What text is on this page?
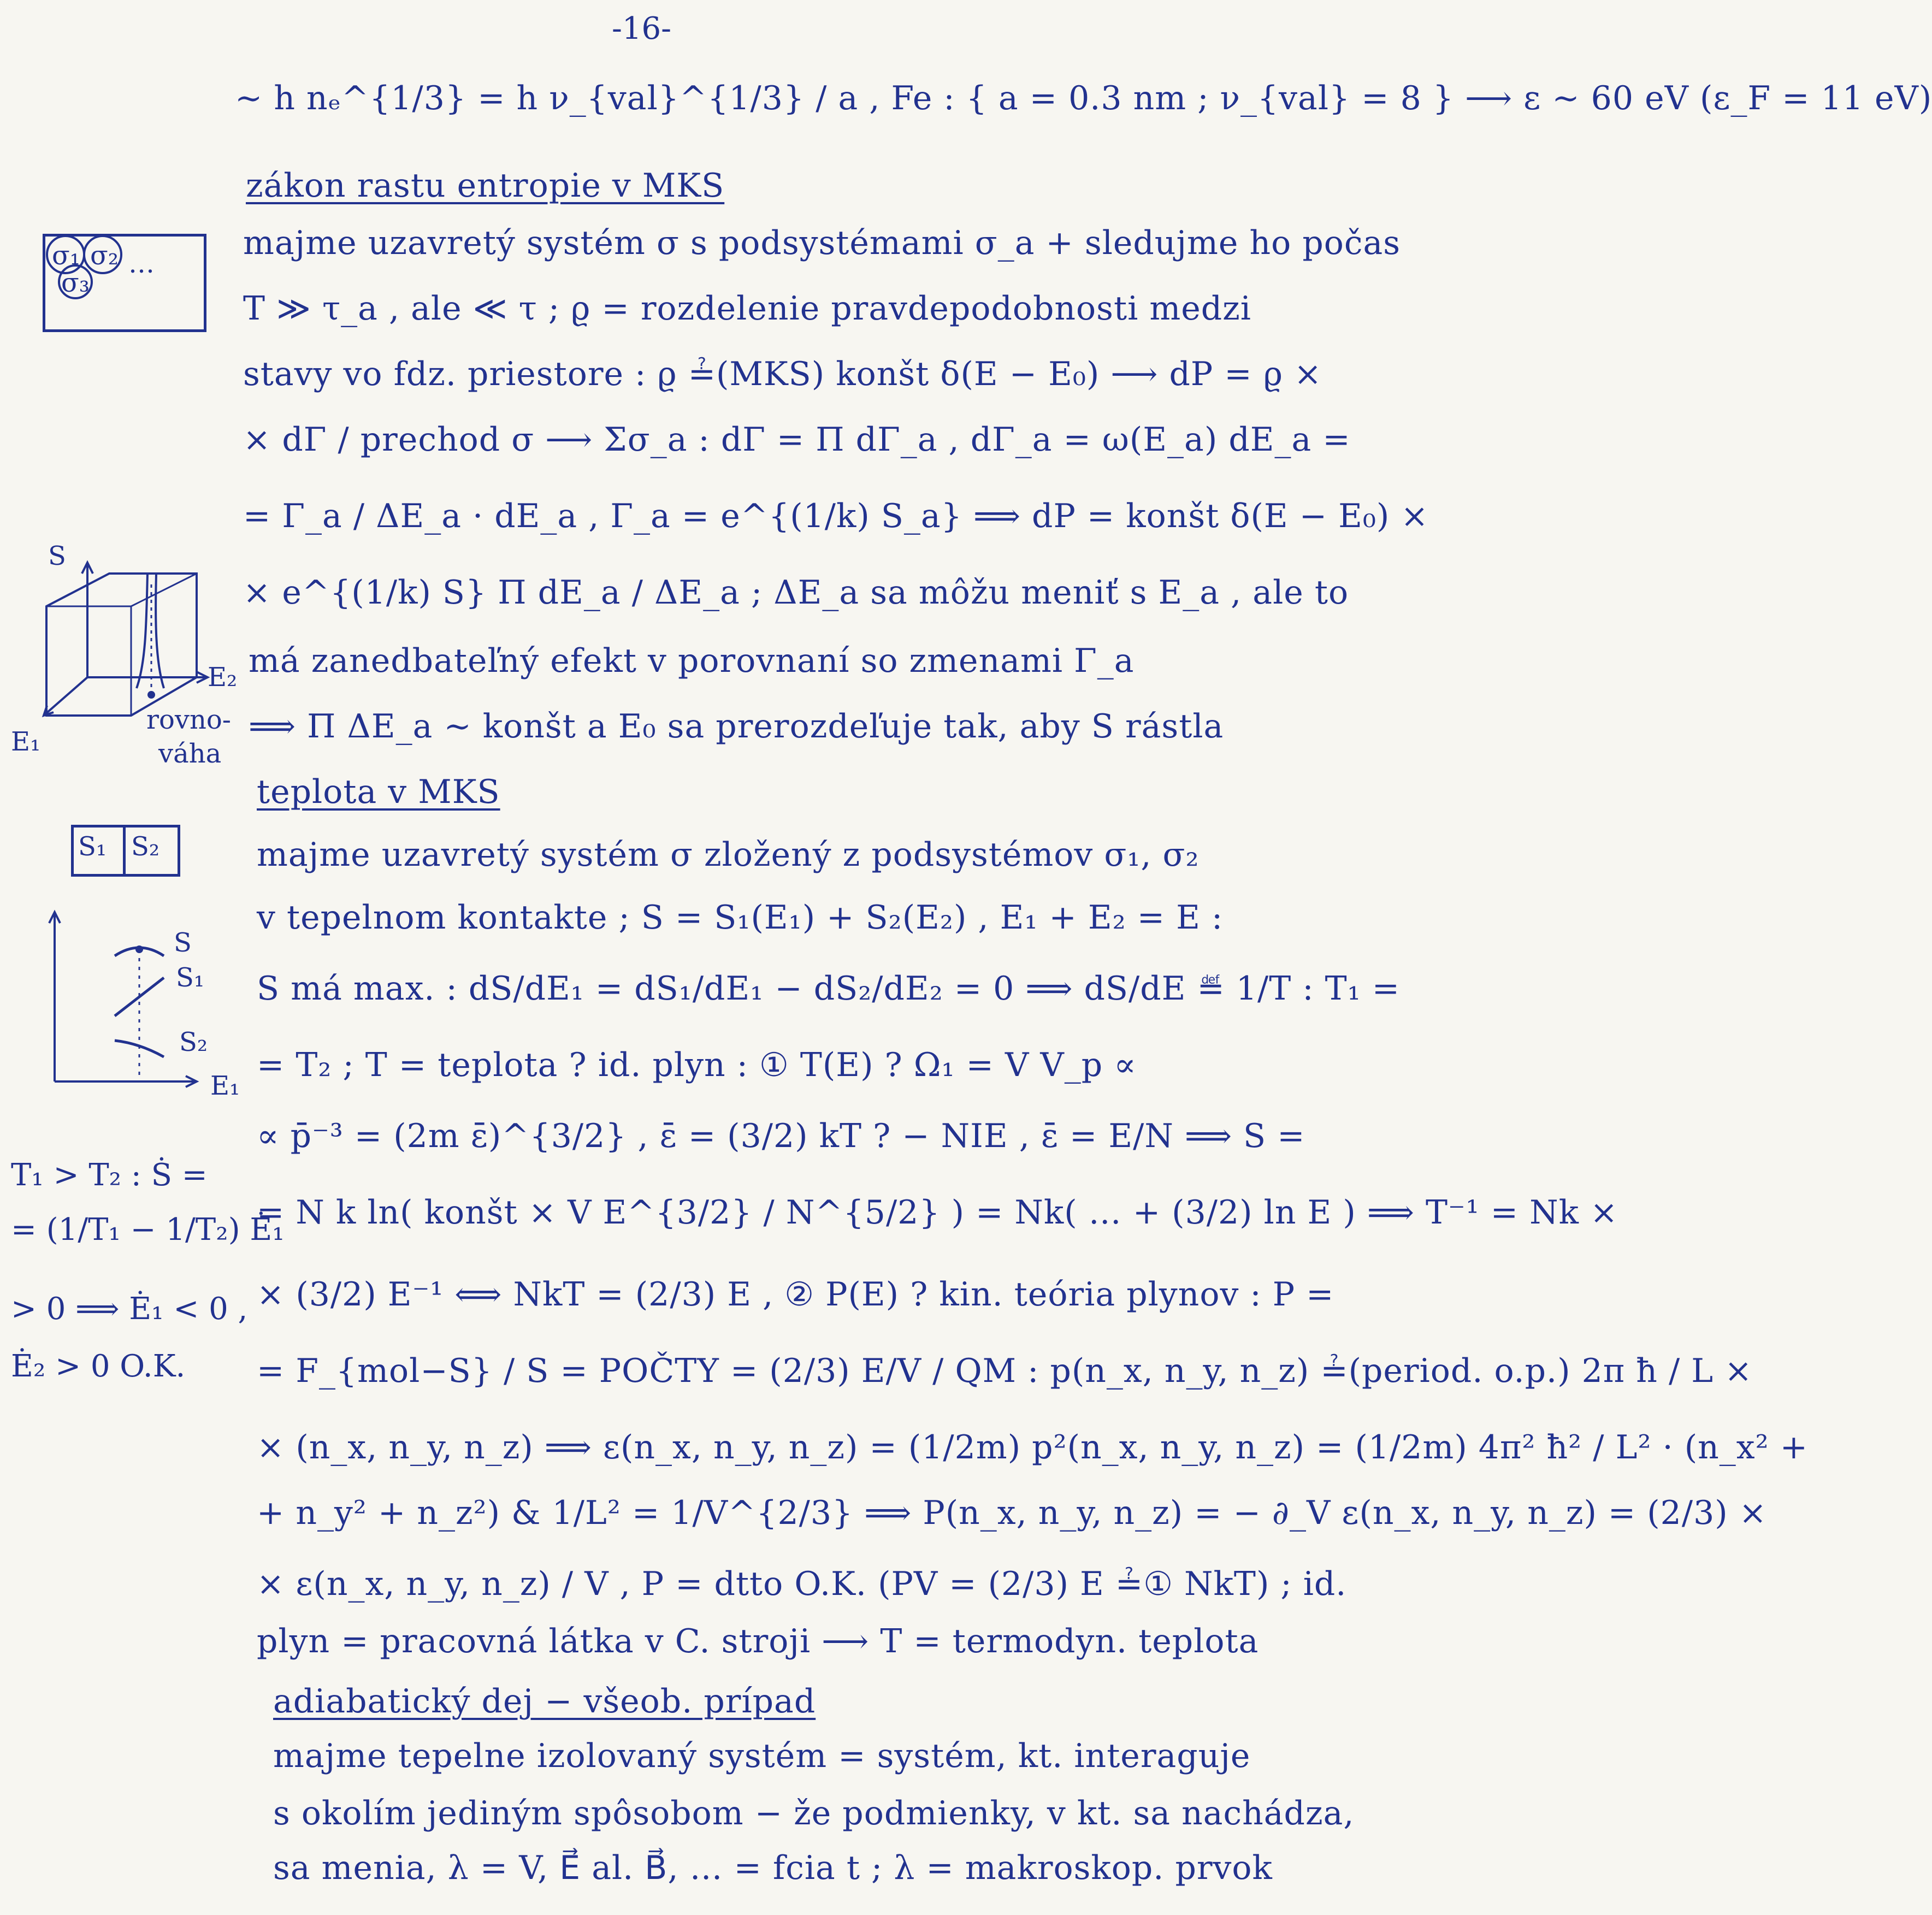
-16-
∼ h nₑ^{1/3} = h ν_{val}^{1/3} / a , Fe : { a = 0.3 nm ; ν_{val} = 8 } ⟶ ε ∼ 60 eV (ε_F = 11 eV)
zákon rastu entropie v MKS
majme uzavretý systém σ s podsystémami σ_a + sledujme ho počas
T ≫ τ_a , ale ≪ τ ; ϱ = rozdelenie pravdepodobnosti medzi
stavy vo fdz. priestore : ϱ ≟(MKS) konšt δ(E − E₀) ⟶ dP = ϱ ×
× dΓ / prechod σ ⟶ Σσ_a : dΓ = Π dΓ_a , dΓ_a = ω(E_a) dE_a =
= Γ_a / ΔE_a · dE_a , Γ_a = e^{(1/k) S_a} ⟹ dP = konšt δ(E − E₀) ×
× e^{(1/k) S} Π dE_a / ΔE_a ; ΔE_a sa môžu meniť s E_a , ale to
má zanedbateľný efekt v porovnaní so zmenami Γ_a
⟹ Π ΔE_a ∼ konšt a E₀ sa prerozdeľuje tak, aby S rástla
teplota v MKS
majme uzavretý systém σ zložený z podsystémov σ₁, σ₂
v tepelnom kontakte ; S = S₁(E₁) + S₂(E₂) , E₁ + E₂ = E :
S má max. : dS/dE₁ = dS₁/dE₁ − dS₂/dE₂ = 0 ⟹ dS/dE ≝ 1/T : T₁ =
= T₂ ; T = teplota ? id. plyn : ① T(E) ? Ω₁ = V V_p ∝
∝ p̄⁻³ = (2m ε̄)^{3/2} , ε̄ = (3/2) kT ? − NIE , ε̄ = E/N ⟹ S =
= N k ln( konšt × V E^{3/2} / N^{5/2} ) = Nk( … + (3/2) ln E ) ⟹ T⁻¹ = Nk ×
× (3/2) E⁻¹ ⟺ NkT = (2/3) E , ② P(E) ? kin. teória plynov : P =
= F_{mol−S} / S = POČTY = (2/3) E/V / QM : p(n_x, n_y, n_z) ≟(period. o.p.) 2π ħ / L ×
× (n_x, n_y, n_z) ⟹ ε(n_x, n_y, n_z) = (1/2m) p²(n_x, n_y, n_z) = (1/2m) 4π² ħ² / L² · (n_x² +
+ n_y² + n_z²) & 1/L² = 1/V^{2/3} ⟹ P(n_x, n_y, n_z) = − ∂_V ε(n_x, n_y, n_z) = (2/3) ×
× ε(n_x, n_y, n_z) / V , P = dtto O.K. (PV = (2/3) E ≟① NkT) ; id.
plyn = pracovná látka v C. stroji ⟶ T = termodyn. teplota
adiabatický dej − všeob. prípad
majme tepelne izolovaný systém = systém, kt. interaguje
s okolím jediným spôsobom − že podmienky, v kt. sa nachádza,
sa menia, λ = V, E⃗ al. B⃗, … = fcia t ; λ = makroskop. prvok
σ₁ σ₂
σ₃
…
S
E₂
E₁
rovno-
váha
S₁ S₂
S
S₁
S₂
E₁
T₁ > T₂ : Ṡ =
= (1/T₁ − 1/T₂) Ė₁
> 0 ⟹ Ė₁ < 0 ,
Ė₂ > 0 O.K.
